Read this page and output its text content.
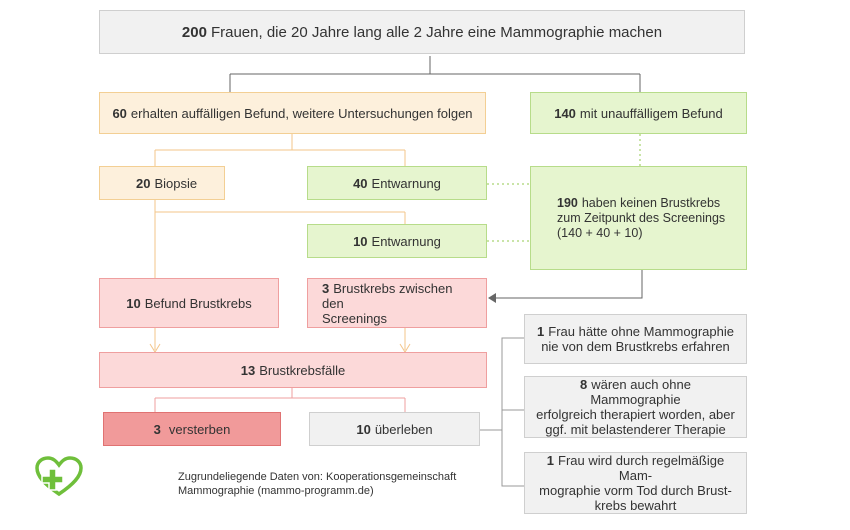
200 Frauen, die 20 Jahre lang alle 2 Jahre eine Mammographie machen
60 erhalten auffälligen Befund, weitere Untersuchungen folgen	140 mit unauffälligem Befund
20 Biopsie	40 Entwarnung
190 haben keinen Brustkrebs
zum Zeitpunkt des Screenings
(140 + 40 + 10)
10 Entwarnung
10 Befund Brustkrebs
3 Brustkrebs zwischen den
Screenings
13 Brustkrebsfälle
3 versterben	10 überleben
1 Frau hätte ohne Mammographie
nie von dem Brustkrebs erfahren
8 wären auch ohne Mammographie
erfolgreich therapiert worden, aber
ggf. mit belastenderer Therapie
1 Frau wird durch regelmäßige Mam-
mographie vorm Tod durch Brust-
krebs bewahrt
Zugrundeliegende Daten von: Kooperationsgemeinschaft
Mammographie (mammo-programm.de)
